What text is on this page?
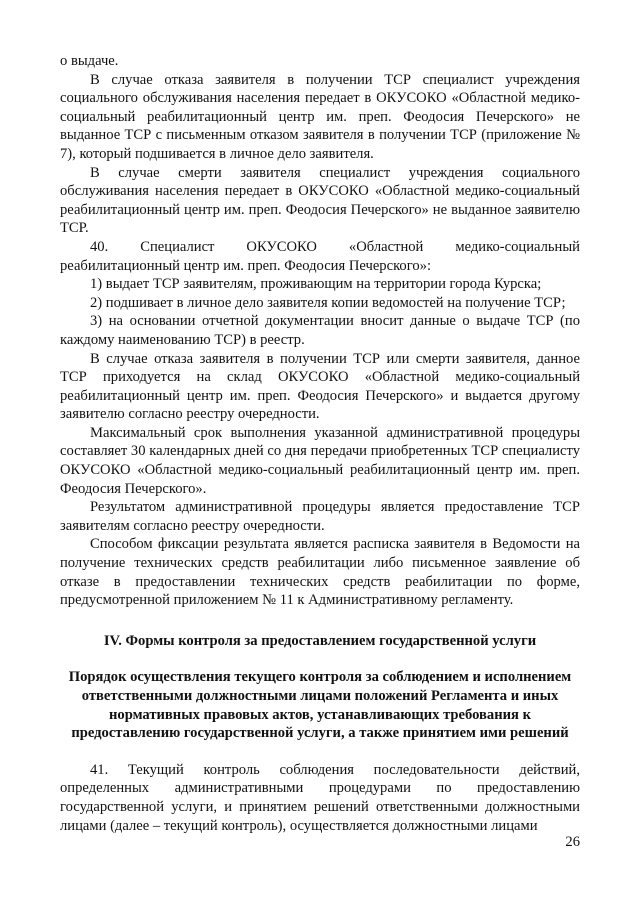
о выдаче.

В случае отказа заявителя в получении ТСР специалист учреждения социального обслуживания населения передает в ОКУСОКО «Областной медико-социальный реабилитационный центр им. преп. Феодосия Печерского» не выданное ТСР с письменным отказом заявителя в получении ТСР (приложение № 7), который подшивается в личное дело заявителя.

В случае смерти заявителя специалист учреждения социального обслуживания населения передает в ОКУСОКО «Областной медико-социальный реабилитационный центр им. преп. Феодосия Печерского» не выданное заявителю ТСР.

40. Специалист ОКУСОКО «Областной медико-социальный реабилитационный центр им. преп. Феодосия Печерского»:

1) выдает ТСР заявителям, проживающим на территории города Курска;

2) подшивает в личное дело заявителя копии ведомостей на получение ТСР;

3) на основании отчетной документации вносит данные о выдаче ТСР (по каждому наименованию ТСР) в реестр.

В случае отказа заявителя в получении ТСР или смерти заявителя, данное ТСР приходуется на склад ОКУСОКО «Областной медико-социальный реабилитационный центр им. преп. Феодосия Печерского» и выдается другому заявителю согласно реестру очередности.

Максимальный срок выполнения указанной административной процедуры составляет 30 календарных дней со дня передачи приобретенных ТСР специалисту ОКУСОКО «Областной медико-социальный реабилитационный центр им. преп. Феодосия Печерского».

Результатом административной процедуры является предоставление ТСР заявителям согласно реестру очередности.

Способом фиксации результата является расписка заявителя в Ведомости на получение технических средств реабилитации либо письменное заявление об отказе в предоставлении технических средств реабилитации по форме, предусмотренной приложением № 11 к Административному регламенту.

IV. Формы контроля за предоставлением государственной услуги
Порядок осуществления текущего контроля за соблюдением и исполнением ответственными должностными лицами положений Регламента и иных нормативных правовых актов, устанавливающих требования к предоставлению государственной услуги, а также принятием ими решений

41. Текущий контроль соблюдения последовательности действий, определенных административными процедурами по предоставлению государственной услуги, и принятием решений ответственными должностными лицами (далее – текущий контроль), осуществляется должностными лицами

26
